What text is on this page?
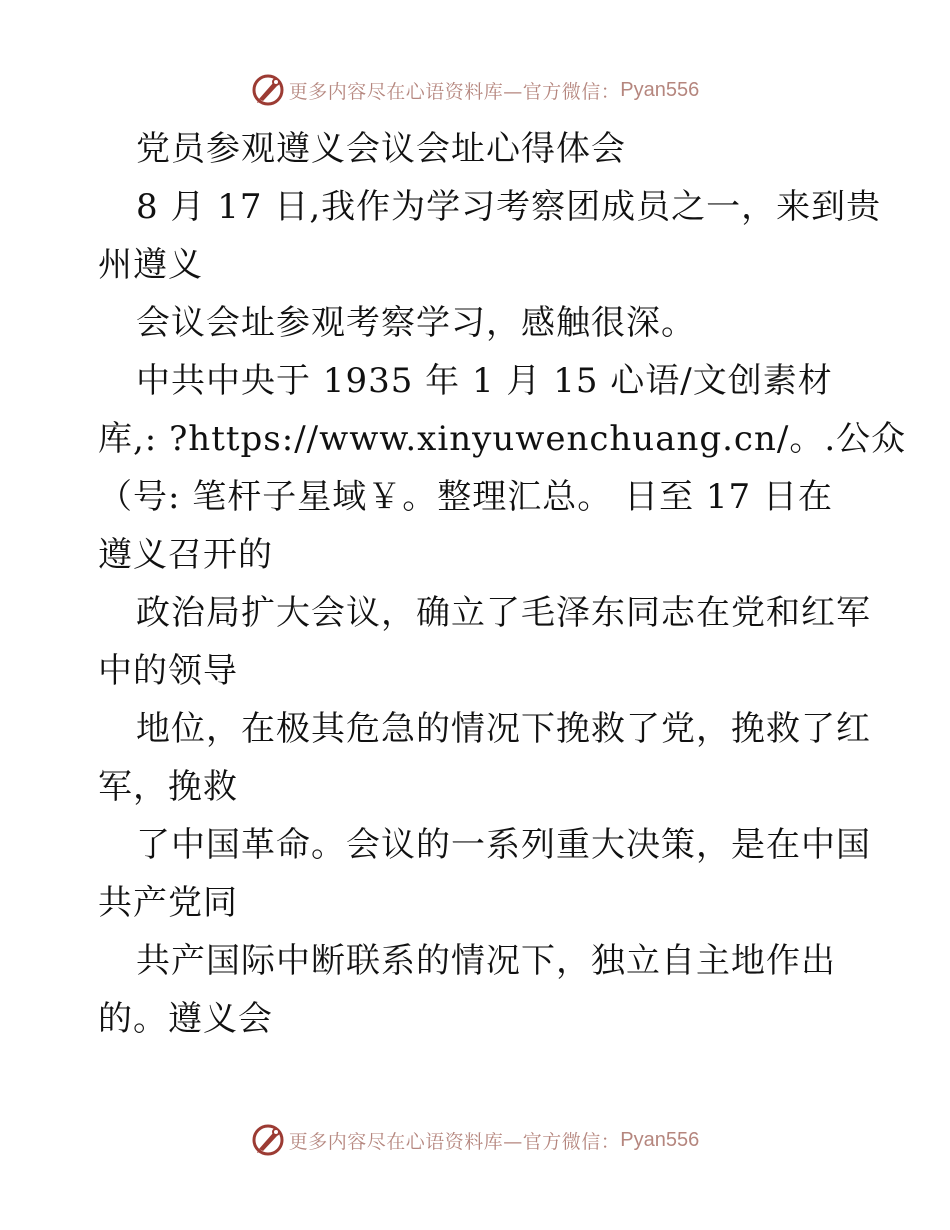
更多内容尽在心语资料库—官方微信： Pyan556
党员参观遵义会议会址心得体会
8 月 17 日,我作为学习考察团成员之一，来到贵
州遵义
会议会址参观考察学习，感触很深。
中共中央于 1935 年 1 月 15 心语/文创素材
库,: ?https://www.xinyuwenchuang.cn/。.公众
（号: 笔杆子星域￥。整理汇总。 日至 17 日在
遵义召开的
政治局扩大会议，确立了毛泽东同志在党和红军
中的领导
地位，在极其危急的情况下挽救了党，挽救了红
军，挽救
了中国革命。会议的一系列重大决策，是在中国
共产党同
共产国际中断联系的情况下，独立自主地作出
的。遵义会
更多内容尽在心语资料库—官方微信： Pyan556
